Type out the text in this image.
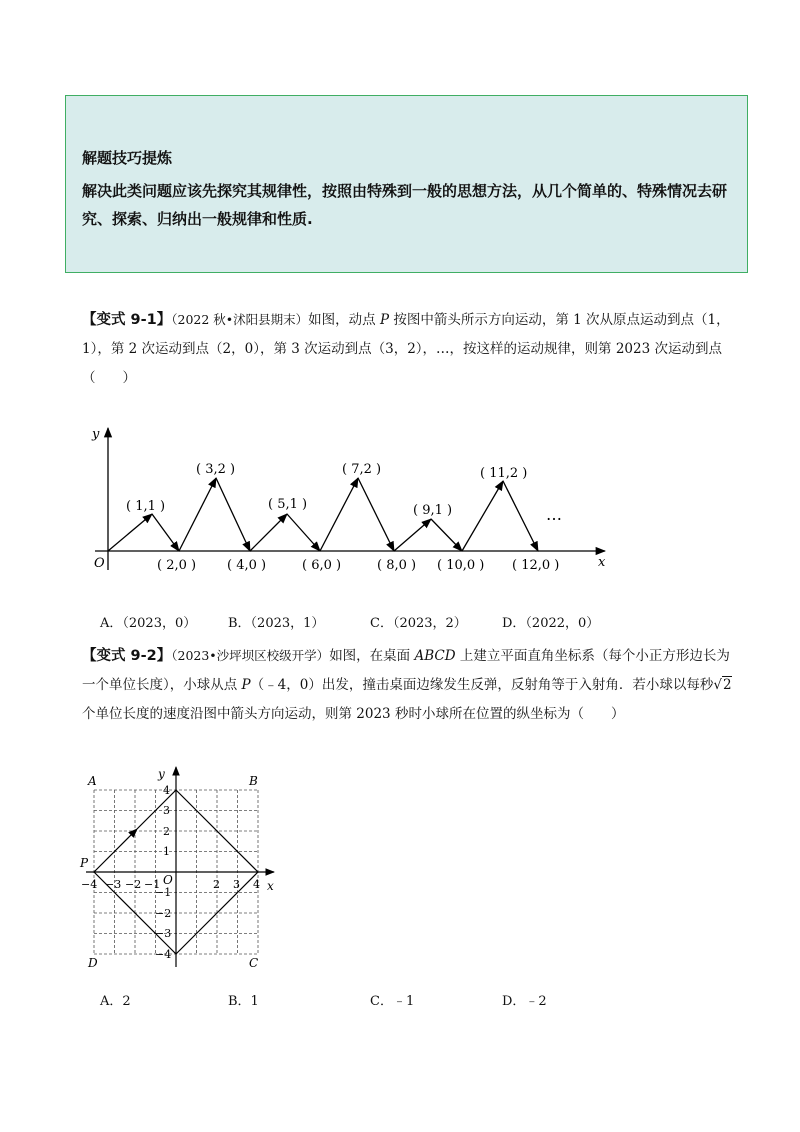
解题技巧提炼
解决此类问题应该先探究其规律性，按照由特殊到一般的思想方法，从几个简单的、特殊情况去研究、探索、归纳出一般规律和性质.
【变式 9-1】（2022 秋•沭阳县期末）如图，动点 P 按图中箭头所示方向运动，第 1 次从原点运动到点（1，1），第 2 次运动到点（2，0），第 3 次运动到点（3，2），…，按这样的运动规律，则第 2023 次运动到点（　　）
y
x
O
( 1,1 )
( 3,2 )
( 5,1 )
( 7,2 )
( 9,1 )
( 11,2 )
( 2,0 ) ( 4,0 )	( 6,0 )	( 8,0 ) ( 10,0 ) ( 12,0 )
…
A．（2023，0） B．（2023，1）	C．（2023，2）	D．（2022，0）
【变式 9-2】（2023•沙坪坝区校级开学）如图，在桌面 ABCD 上建立平面直角坐标系（每个小正方形边长为一个单位长度），小球从点 P（﹣4，0）出发，撞击桌面边缘发生反弹，反射角等于入射角．若小球以每秒√2个单位长度的速度沿图中箭头方向运动，则第 2023 秒时小球所在位置的纵坐标为（　　）
A	B
C
D
P
O	x
y
4
3
2
1
−1
−2
−3
−4
−4 −3 −2 −1	2 3 4
A．2	B．1	C．﹣1	D．﹣2
